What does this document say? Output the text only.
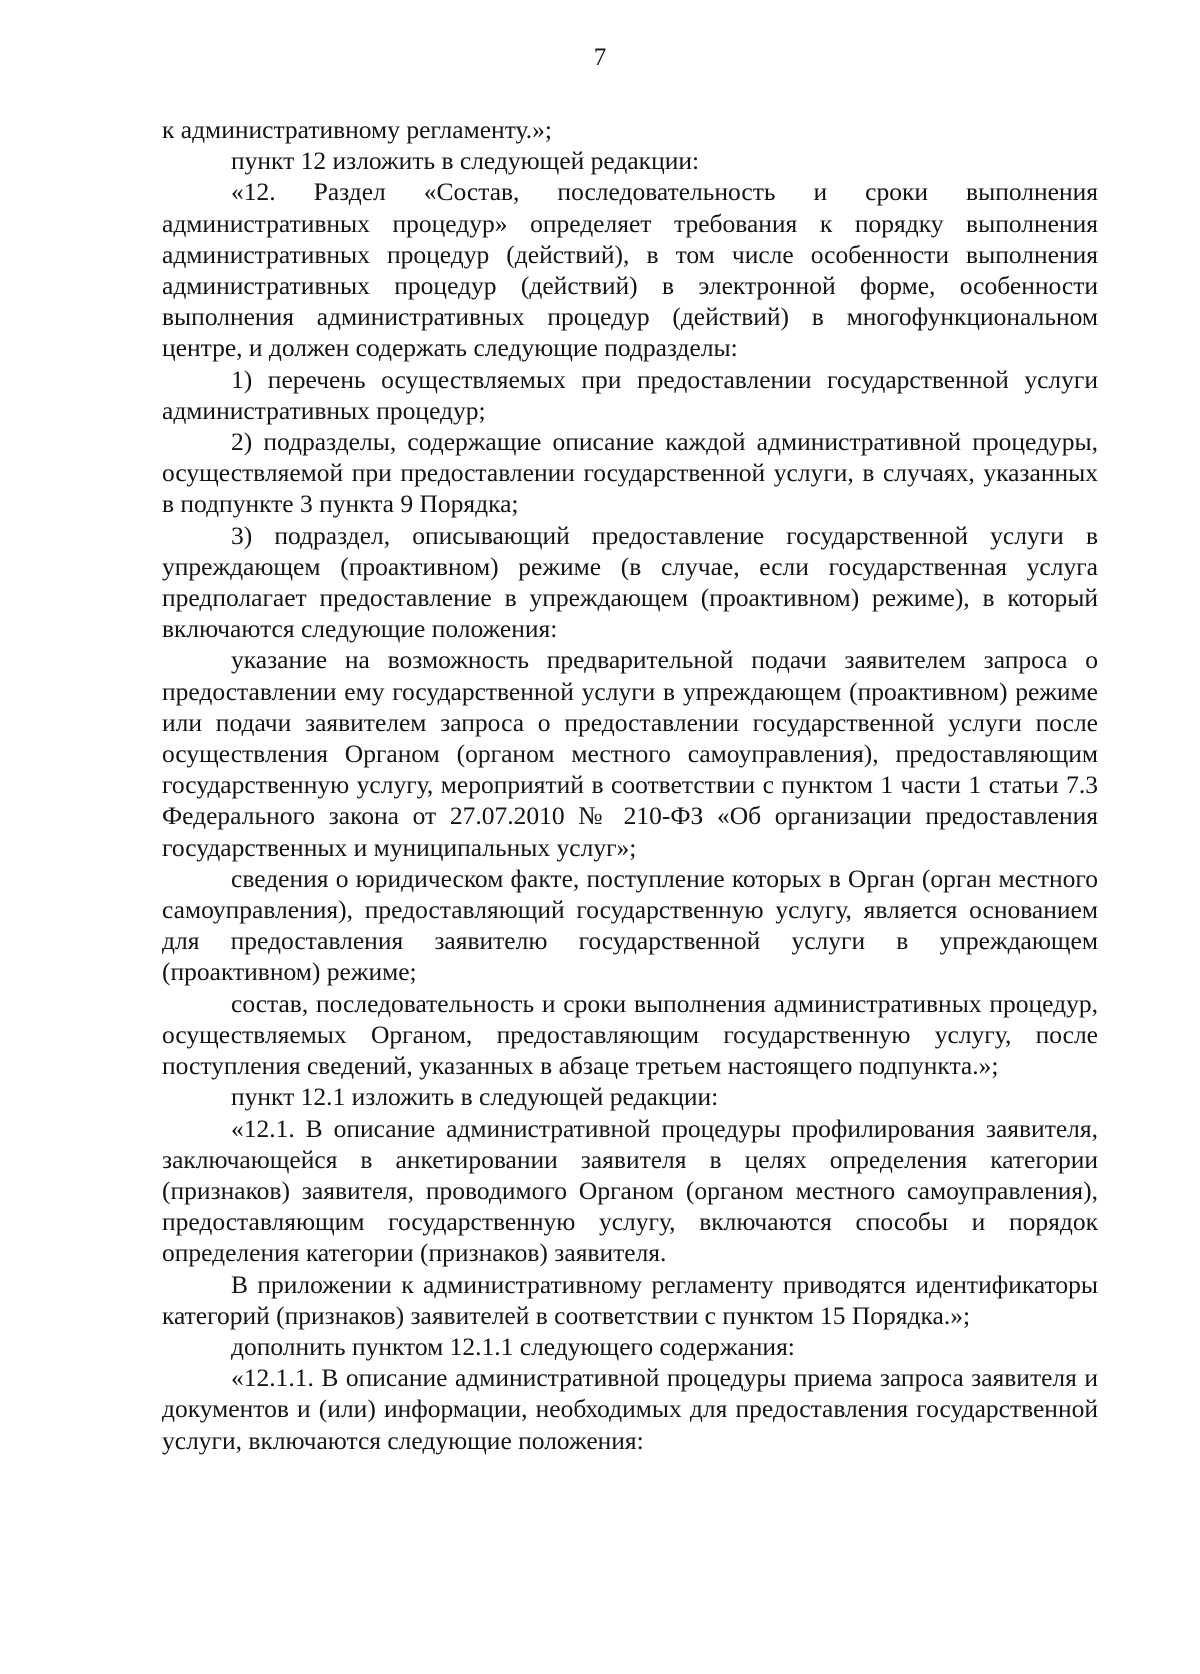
7

к административному регламенту.»;

пункт 12 изложить в следующей редакции:

«12. Раздел «Состав, последовательность и сроки выполнения административных процедур» определяет требования к порядку выполнения административных процедур (действий), в том числе особенности выполнения административных процедур (действий) в электронной форме, особенности выполнения административных процедур (действий) в многофункциональном центре, и должен содержать следующие подразделы:

1) перечень осуществляемых при предоставлении государственной услуги административных процедур;

2) подразделы, содержащие описание каждой административной процедуры, осуществляемой при предоставлении государственной услуги, в случаях, указанных в подпункте 3 пункта 9 Порядка;

3) подраздел, описывающий предоставление государственной услуги в упреждающем (проактивном) режиме (в случае, если государственная услуга предполагает предоставление в упреждающем (проактивном) режиме), в который включаются следующие положения:

указание на возможность предварительной подачи заявителем запроса о предоставлении ему государственной услуги в упреждающем (проактивном) режиме или подачи заявителем запроса о предоставлении государственной услуги после осуществления Органом (органом местного самоуправления), предоставляющим государственную услугу, мероприятий в соответствии с пунктом 1 части 1 статьи 7.3 Федерального закона от 27.07.2010 № 210-ФЗ «Об организации предоставления государственных и муниципальных услуг»;

сведения о юридическом факте, поступление которых в Орган (орган местного самоуправления), предоставляющий государственную услугу, является основанием для предоставления заявителю государственной услуги в упреждающем (проактивном) режиме;

состав, последовательность и сроки выполнения административных процедур, осуществляемых Органом, предоставляющим государственную услугу, после поступления сведений, указанных в абзаце третьем настоящего подпункта.»;

пункт 12.1 изложить в следующей редакции:

«12.1. В описание административной процедуры профилирования заявителя, заключающейся в анкетировании заявителя в целях определения категории (признаков) заявителя, проводимого Органом (органом местного самоуправления), предоставляющим государственную услугу, включаются способы и порядок определения категории (признаков) заявителя.

В приложении к административному регламенту приводятся идентификаторы категорий (признаков) заявителей в соответствии с пунктом 15 Порядка.»;

дополнить пунктом 12.1.1 следующего содержания:

«12.1.1. В описание административной процедуры приема запроса заявителя и документов и (или) информации, необходимых для предоставления государственной услуги, включаются следующие положения:
